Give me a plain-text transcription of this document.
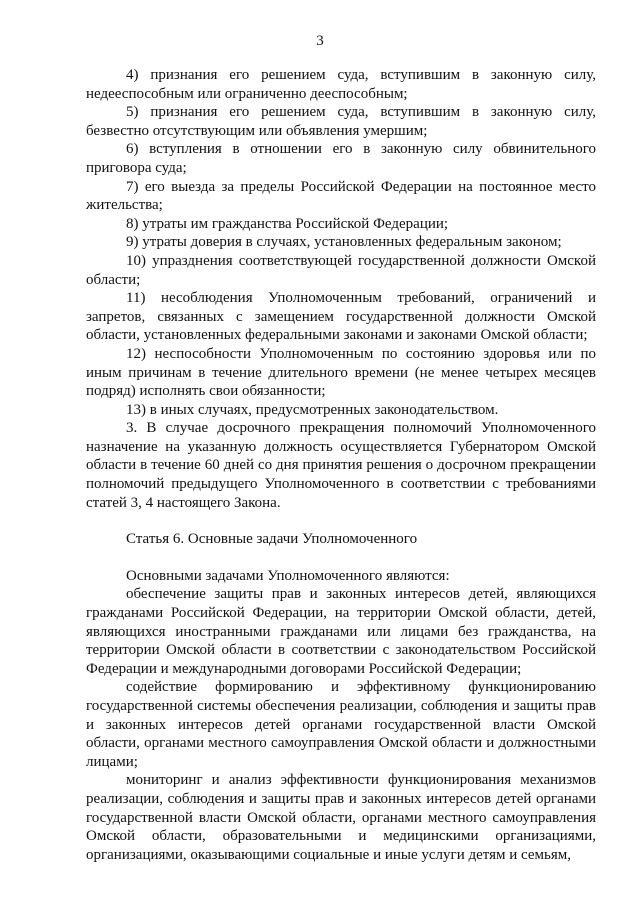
3

4) признания его решением суда, вступившим в законную силу, недееспособным или ограниченно дееспособным;

5) признания его решением суда, вступившим в законную силу, безвестно отсутствующим или объявления умершим;

6) вступления в отношении его в законную силу обвинительного приговора суда;

7) его выезда за пределы Российской Федерации на постоянное место жительства;

8) утраты им гражданства Российской Федерации;

9) утраты доверия в случаях, установленных федеральным законом;

10) упразднения соответствующей государственной должности Омской области;

11) несоблюдения Уполномоченным требований, ограничений и запретов, связанных с замещением государственной должности Омской области, установленных федеральными законами и законами Омской области;

12) неспособности Уполномоченным по состоянию здоровья или по иным причинам в течение длительного времени (не менее четырех месяцев подряд) исполнять свои обязанности;

13) в иных случаях, предусмотренных законодательством.

3. В случае досрочного прекращения полномочий Уполномоченного назначение на указанную должность осуществляется Губернатором Омской области в течение 60 дней со дня принятия решения о досрочном прекращении полномочий предыдущего Уполномоченного в соответствии с требованиями статей 3, 4 настоящего Закона.

Статья 6. Основные задачи Уполномоченного

Основными задачами Уполномоченного являются:

обеспечение защиты прав и законных интересов детей, являющихся гражданами Российской Федерации, на территории Омской области, детей, являющихся иностранными гражданами или лицами без гражданства, на территории Омской области в соответствии с законодательством Российской Федерации и международными договорами Российской Федерации;

содействие формированию и эффективному функционированию государственной системы обеспечения реализации, соблюдения и защиты прав и законных интересов детей органами государственной власти Омской области, органами местного самоуправления Омской области и должностными лицами;

мониторинг и анализ эффективности функционирования механизмов реализации, соблюдения и защиты прав и законных интересов детей органами государственной власти Омской области, органами местного самоуправления Омской области, образовательными и медицинскими организациями, организациями, оказывающими социальные и иные услуги детям и семьям,
